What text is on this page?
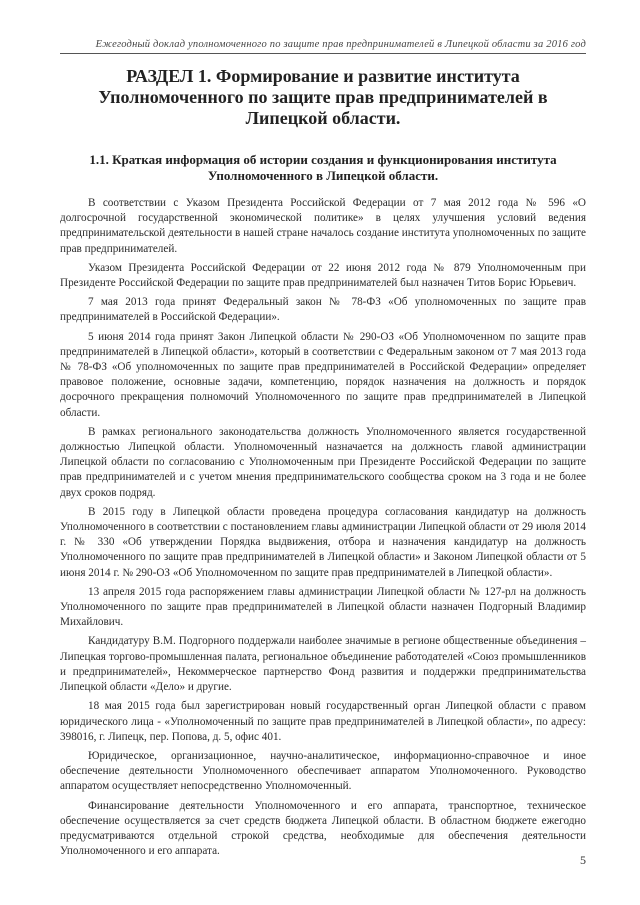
Ежегодный доклад уполномоченного по защите прав предпринимателей в Липецкой области за 2016 год
РАЗДЕЛ 1. Формирование и развитие института Уполномоченного по защите прав предпринимателей в Липецкой области.
1.1. Краткая информация об истории создания и функционирования института Уполномоченного в Липецкой области.

В соответствии с Указом Президента Российской Федерации от 7 мая 2012 года № 596 «О долгосрочной государственной экономической политике» в целях улучшения условий ведения предпринимательской деятельности в нашей стране началось создание института уполномоченных по защите прав предпринимателей.

Указом Президента Российской Федерации от 22 июня 2012 года № 879 Уполномоченным при Президенте Российской Федерации по защите прав предпринимателей был назначен Титов Борис Юрьевич.

7 мая 2013 года принят Федеральный закон № 78-ФЗ «Об уполномоченных по защите прав предпринимателей в Российской Федерации».

5 июня 2014 года принят Закон Липецкой области № 290-ОЗ «Об Уполномоченном по защите прав предпринимателей в Липецкой области», который в соответствии с Федеральным законом от 7 мая 2013 года № 78-ФЗ «Об уполномоченных по защите прав предпринимателей в Российской Федерации» определяет правовое положение, основные задачи, компетенцию, порядок назначения на должность и порядок досрочного прекращения полномочий Уполномоченного по защите прав предпринимателей в Липецкой области.

В рамках регионального законодательства должность Уполномоченного является государственной должностью Липецкой области. Уполномоченный назначается на должность главой администрации Липецкой области по согласованию с Уполномоченным при Президенте Российской Федерации по защите прав предпринимателей и с учетом мнения предпринимательского сообщества сроком на 3 года и не более двух сроков подряд.

В 2015 году в Липецкой области проведена процедура согласования кандидатур на должность Уполномоченного в соответствии с постановлением главы администрации Липецкой области от 29 июля 2014 г. № 330 «Об утверждении Порядка выдвижения, отбора и назначения кандидатур на должность Уполномоченного по защите прав предпринимателей в Липецкой области» и Законом Липецкой области от 5 июня 2014 г. № 290-ОЗ «Об Уполномоченном по защите прав предпринимателей в Липецкой области».

13 апреля 2015 года распоряжением главы администрации Липецкой области № 127-рл на должность Уполномоченного по защите прав предпринимателей в Липецкой области назначен Подгорный Владимир Михайлович.

Кандидатуру В.М. Подгорного поддержали наиболее значимые в регионе общественные объединения – Липецкая торгово-промышленная палата, региональное объединение работодателей «Союз промышленников и предпринимателей», Некоммерческое партнерство Фонд развития и поддержки предпринимательства Липецкой области «Дело» и другие.

18 мая 2015 года был зарегистрирован новый государственный орган Липецкой области с правом юридического лица - «Уполномоченный по защите прав предпринимателей в Липецкой области», по адресу: 398016, г. Липецк, пер. Попова, д. 5, офис 401.

Юридическое, организационное, научно-аналитическое, информационно-справочное и иное обеспечение деятельности Уполномоченного обеспечивает аппаратом Уполномоченного. Руководство аппаратом осуществляет непосредственно Уполномоченный.

Финансирование деятельности Уполномоченного и его аппарата, транспортное, техническое обеспечение осуществляется за счет средств бюджета Липецкой области. В областном бюджете ежегодно предусматриваются отдельной строкой средства, необходимые для обеспечения деятельности Уполномоченного и его аппарата.

5
